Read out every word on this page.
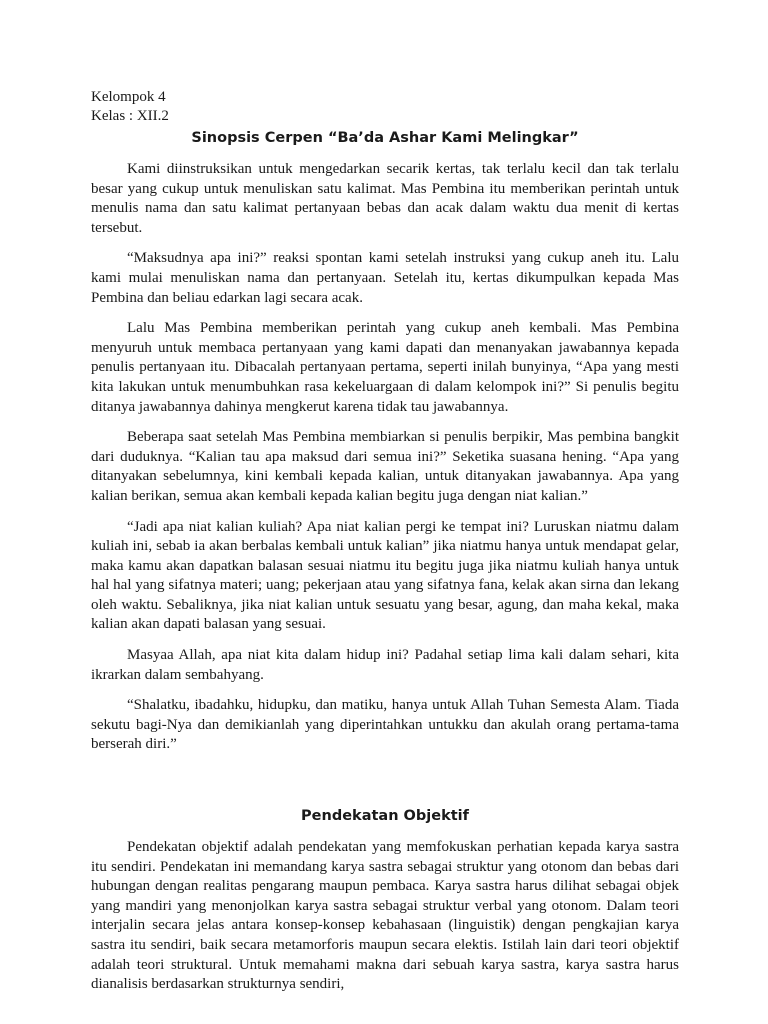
Kelompok 4

Kelas : XII.2

Sinopsis Cerpen “Ba’da Ashar Kami Melingkar”

Kami diinstruksikan untuk mengedarkan secarik kertas, tak terlalu kecil dan tak terlalu besar yang cukup untuk menuliskan satu kalimat. Mas Pembina itu memberikan perintah untuk menulis nama dan satu kalimat pertanyaan bebas dan acak dalam waktu dua menit di kertas tersebut.

“Maksudnya apa ini?” reaksi spontan kami setelah instruksi yang cukup aneh itu. Lalu kami mulai menuliskan nama dan pertanyaan. Setelah itu, kertas dikumpulkan kepada Mas Pembina dan beliau edarkan lagi secara acak.

Lalu Mas Pembina memberikan perintah yang cukup aneh kembali. Mas Pembina menyuruh untuk membaca pertanyaan yang kami dapati dan menanyakan jawabannya kepada penulis pertanyaan itu. Dibacalah pertanyaan pertama, seperti inilah bunyinya, “Apa yang mesti kita lakukan untuk menumbuhkan rasa kekeluargaan di dalam kelompok ini?” Si penulis begitu ditanya jawabannya dahinya mengkerut karena tidak tau jawabannya.

Beberapa saat setelah Mas Pembina membiarkan si penulis berpikir, Mas pembina bangkit dari duduknya. “Kalian tau apa maksud dari semua ini?” Seketika suasana hening. “Apa yang ditanyakan sebelumnya, kini kembali kepada kalian, untuk ditanyakan jawabannya. Apa yang kalian berikan, semua akan kembali kepada kalian begitu juga dengan niat kalian.”

“Jadi apa niat kalian kuliah? Apa niat kalian pergi ke tempat ini? Luruskan niatmu dalam kuliah ini, sebab ia akan berbalas kembali untuk kalian” jika niatmu hanya untuk mendapat gelar, maka kamu akan dapatkan balasan sesuai niatmu itu begitu juga jika niatmu kuliah hanya untuk hal hal yang sifatnya materi; uang; pekerjaan atau yang sifatnya fana, kelak akan sirna dan lekang oleh waktu. Sebaliknya, jika niat kalian untuk sesuatu yang besar, agung, dan maha kekal, maka kalian akan dapati balasan yang sesuai.

Masyaa Allah, apa niat kita dalam hidup ini? Padahal setiap lima kali dalam sehari, kita ikrarkan dalam sembahyang.

“Shalatku, ibadahku, hidupku, dan matiku, hanya untuk Allah Tuhan Semesta Alam. Tiada sekutu bagi-Nya dan demikianlah yang diperintahkan untukku dan akulah orang pertama-tama berserah diri.”

Pendekatan Objektif

Pendekatan objektif adalah pendekatan yang memfokuskan perhatian kepada karya sastra itu sendiri. Pendekatan ini memandang karya sastra sebagai struktur yang otonom dan bebas dari hubungan dengan realitas pengarang maupun pembaca. Karya sastra harus dilihat sebagai objek yang mandiri yang menonjolkan karya sastra sebagai struktur verbal yang otonom. Dalam teori interjalin secara jelas antara konsep-konsep kebahasaan (linguistik) dengan pengkajian karya sastra itu sendiri, baik secara metamorforis maupun secara elektis. Istilah lain dari teori objektif adalah teori struktural. Untuk memahami makna dari sebuah karya sastra, karya sastra harus dianalisis berdasarkan strukturnya sendiri,
